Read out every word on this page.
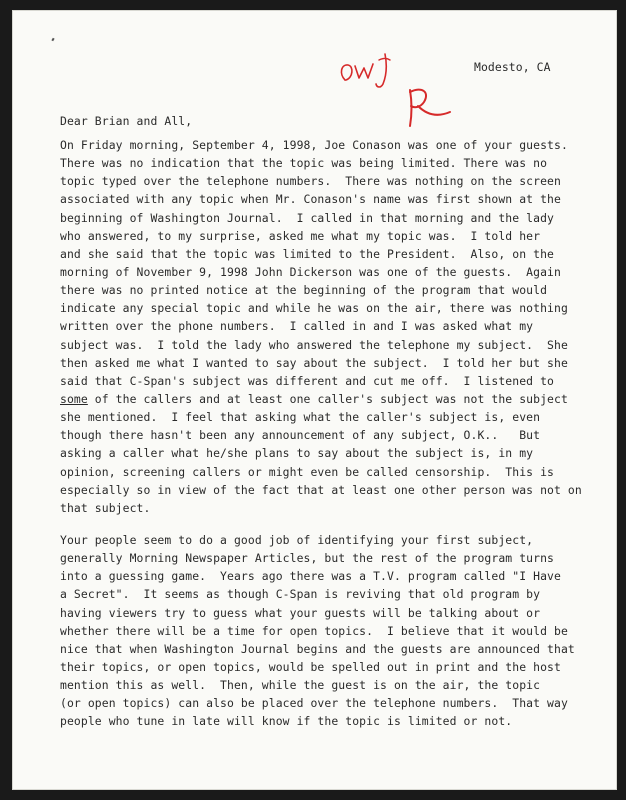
Modesto, CA

Dear Brian and All,

On Friday morning, September 4, 1998, Joe Conason was one of your guests.
There was no indication that the topic was being limited. There was no
topic typed over the telephone numbers.  There was nothing on the screen
associated with any topic when Mr. Conason's name was first shown at the
beginning of Washington Journal.  I called in that morning and the lady
who answered, to my surprise, asked me what my topic was.  I told her
and she said that the topic was limited to the President.  Also, on the
morning of November 9, 1998 John Dickerson was one of the guests.  Again
there was no printed notice at the beginning of the program that would
indicate any special topic and while he was on the air, there was nothing
written over the phone numbers.  I called in and I was asked what my
subject was.  I told the lady who answered the telephone my subject.  She
then asked me what I wanted to say about the subject.  I told her but she
said that C-Span's subject was different and cut me off.  I listened to
some of the callers and at least one caller's subject was not the subject
she mentioned.  I feel that asking what the caller's subject is, even
though there hasn't been any announcement of any subject, O.K..   But
asking a caller what he/she plans to say about the subject is, in my
opinion, screening callers or might even be called censorship.  This is
especially so in view of the fact that at least one other person was not on
that subject.
Your people seem to do a good job of identifying your first subject,
generally Morning Newspaper Articles, but the rest of the program turns
into a guessing game.  Years ago there was a T.V. program called "I Have
a Secret".  It seems as though C-Span is reviving that old program by
having viewers try to guess what your guests will be talking about or
whether there will be a time for open topics.  I believe that it would be
nice that when Washington Journal begins and the guests are announced that
their topics, or open topics, would be spelled out in print and the host
mention this as well.  Then, while the guest is on the air, the topic
(or open topics) can also be placed over the telephone numbers.  That way
people who tune in late will know if the topic is limited or not.
